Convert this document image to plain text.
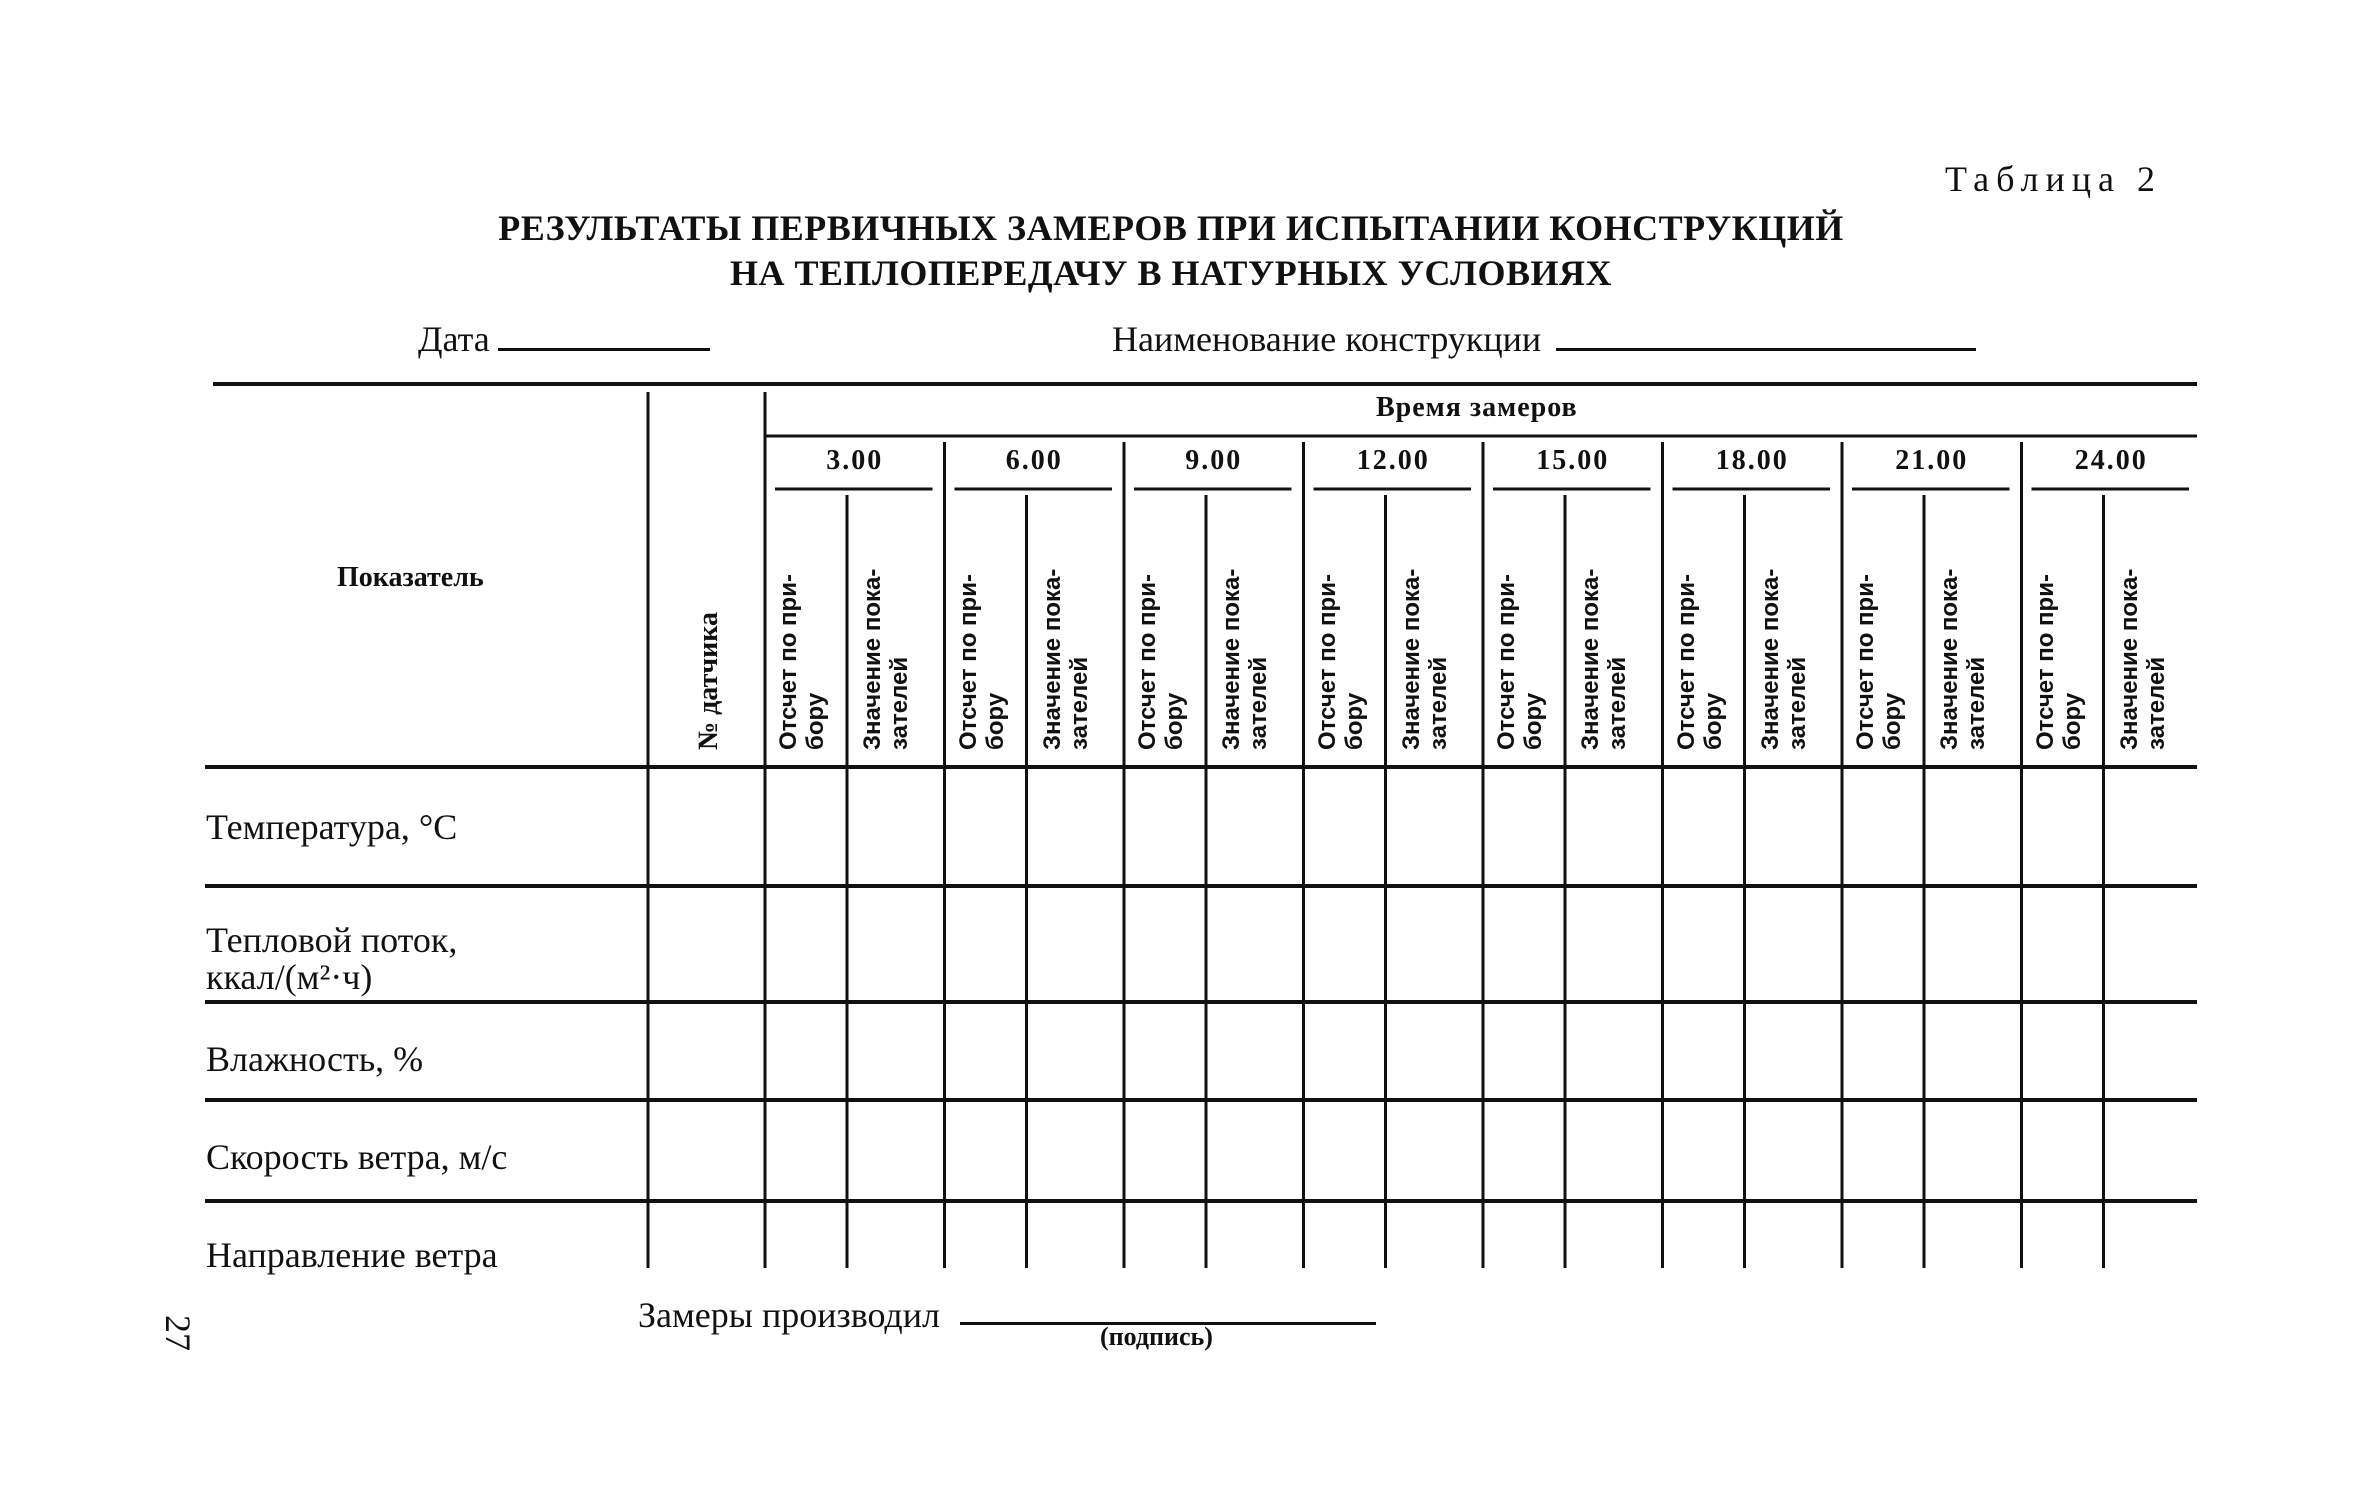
Таблица 2
РЕЗУЛЬТАТЫ ПЕРВИЧНЫХ ЗАМЕРОВ ПРИ ИСПЫТАНИИ КОНСТРУКЦИЙ
НА ТЕПЛОПЕРЕДАЧУ В НАТУРНЫХ УСЛОВИЯХ
Дата	Наименование конструкции
Показатель
№ датчика
Время замеров
3.00
Отсчет по при- бору Значение пока- зателей
6.00
Отсчет по при- бору Значение пока- зателей
9.00
Отсчет по при- бору Значение пока- зателей
12.00
Отсчет по при- бору Значение пока- зателей
15.00
Отсчет по при- бору Значение пока- зателей
18.00
Отсчет по при- бору Значение пока- зателей
21.00
Отсчет по при- бору Значение пока- зателей
24.00
Отсчет по при- бору Значение пока- зателей
Температура, °С
Тепловой поток,
ккал/(м²·ч)
Влажность, %
Скорость ветра, м/с
Направление ветра
Замеры производил
(подпись)
27
